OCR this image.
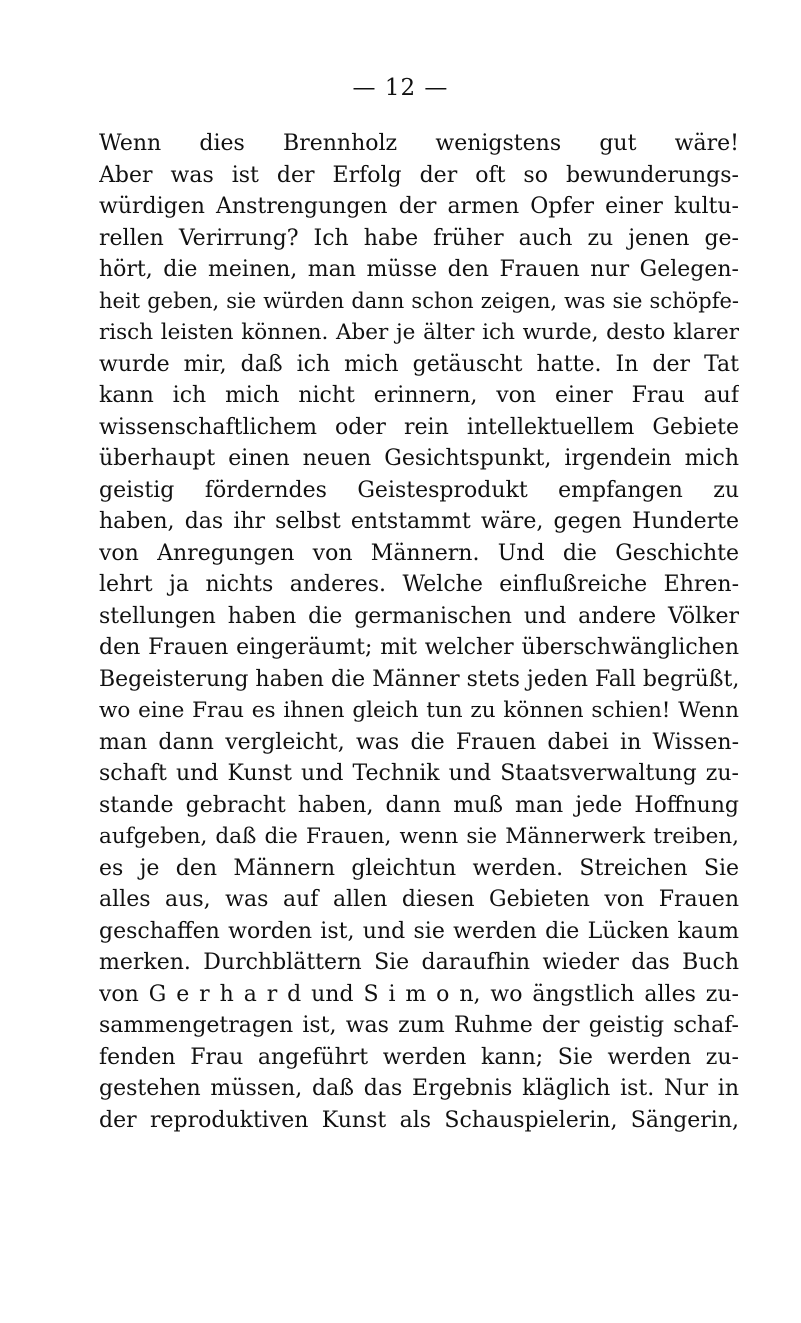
— 12 —
Wenn dies Brennholz wenigstens gut wäre!
Aber was ist der Erfolg der oft so bewunderungs-
würdigen Anstrengungen der armen Opfer einer kultu-
rellen Verirrung? Ich habe früher auch zu jenen ge-
hört, die meinen, man müsse den Frauen nur Gelegen-
heit geben, sie würden dann schon zeigen, was sie schöpfe-
risch leisten können. Aber je älter ich wurde, desto klarer
wurde mir, daß ich mich getäuscht hatte. In der Tat
kann ich mich nicht erinnern, von einer Frau auf
wissenschaftlichem oder rein intellektuellem Gebiete
überhaupt einen neuen Gesichtspunkt, irgendein mich
geistig förderndes Geistesprodukt empfangen zu
haben, das ihr selbst entstammt wäre, gegen Hunderte
von Anregungen von Männern. Und die Geschichte
lehrt ja nichts anderes. Welche einflußreiche Ehren-
stellungen haben die germanischen und andere Völker
den Frauen eingeräumt; mit welcher überschwänglichen
Begeisterung haben die Männer stets jeden Fall begrüßt,
wo eine Frau es ihnen gleich tun zu können schien! Wenn
man dann vergleicht, was die Frauen dabei in Wissen-
schaft und Kunst und Technik und Staatsverwaltung zu-
stande gebracht haben, dann muß man jede Hoffnung
aufgeben, daß die Frauen, wenn sie Männerwerk treiben,
es je den Männern gleichtun werden. Streichen Sie
alles aus, was auf allen diesen Gebieten von Frauen
geschaffen worden ist, und sie werden die Lücken kaum
merken. Durchblättern Sie daraufhin wieder das Buch
von G e r h a r d und S i m o n, wo ängstlich alles zu-
sammengetragen ist, was zum Ruhme der geistig schaf-
fenden Frau angeführt werden kann; Sie werden zu-
gestehen müssen, daß das Ergebnis kläglich ist. Nur in
der reproduktiven Kunst als Schauspielerin, Sängerin,
